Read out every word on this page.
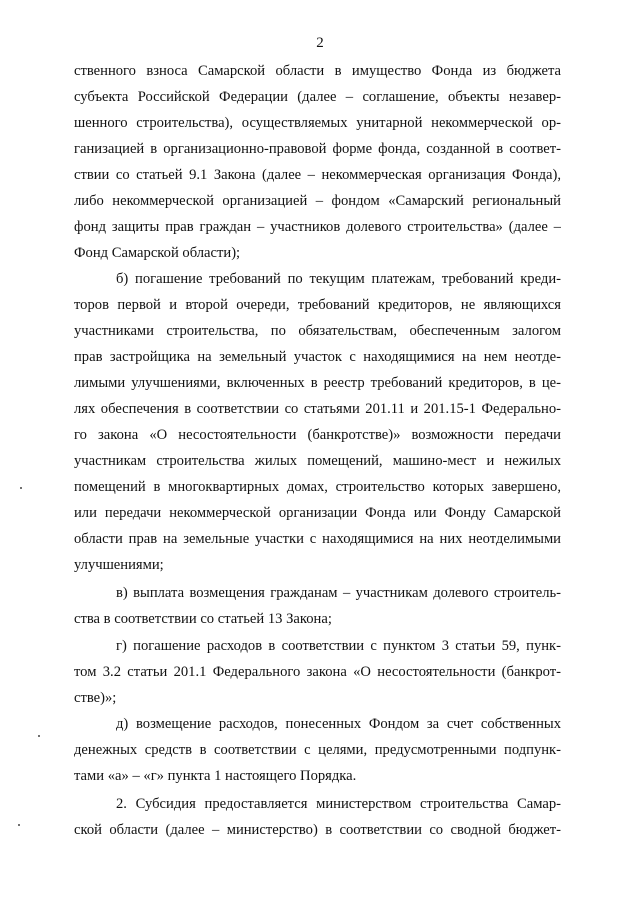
2
ственного взноса Самарской области в имущество Фонда из бюджета
субъекта Российской Федерации (далее – соглашение, объекты незавер-
шенного строительства), осуществляемых унитарной некоммерческой ор-
ганизацией в организационно-правовой форме фонда, созданной в соответ-
ствии со статьей 9.1 Закона (далее – некоммерческая организация Фонда),
либо некоммерческой организацией – фондом «Самарский региональный
фонд защиты прав граждан – участников долевого строительства» (далее –
Фонд Самарской области);
б) погашение требований по текущим платежам, требований креди-
торов первой и второй очереди, требований кредиторов, не являющихся
участниками строительства, по обязательствам, обеспеченным залогом
прав застройщика на земельный участок с находящимися на нем неотде-
лимыми улучшениями, включенных в реестр требований кредиторов, в це-
лях обеспечения в соответствии со статьями 201.11 и 201.15-1 Федерально-
го закона «О несостоятельности (банкротстве)» возможности передачи
участникам строительства жилых помещений, машино-мест и нежилых
помещений в многоквартирных домах, строительство которых завершено,
или передачи некоммерческой организации Фонда или Фонду Самарской
области прав на земельные участки с находящимися на них неотделимыми
улучшениями;
в) выплата возмещения гражданам – участникам долевого строитель-
ства в соответствии со статьей 13 Закона;
г) погашение расходов в соответствии с пунктом 3 статьи 59, пунк-
том 3.2 статьи 201.1 Федерального закона «О несостоятельности (банкрот-
стве)»;
д) возмещение расходов, понесенных Фондом за счет собственных
денежных средств в соответствии с целями, предусмотренными подпунк-
тами «а» – «г» пункта 1 настоящего Порядка.
2. Субсидия предоставляется министерством строительства Самар-
ской области (далее – министерство) в соответствии со сводной бюджет-
